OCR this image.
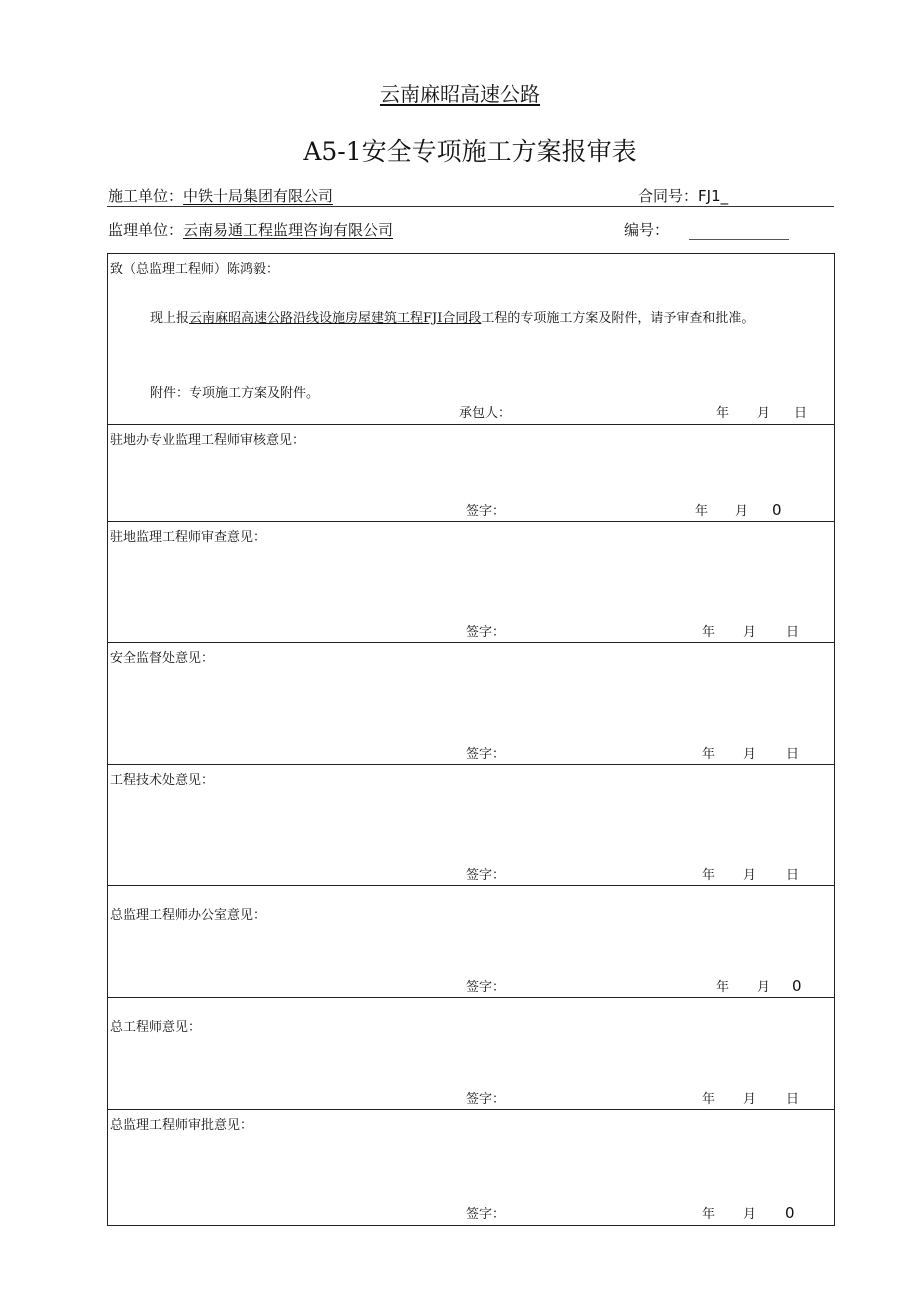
云南麻昭高速公路
A5-1安全专项施工方案报审表
施工单位：中铁十局集团有限公司	合同号：FJ1_
监理单位：云南易通工程监理咨询有限公司	编号：
致（总监理工程师）陈鸿毅：
现上报云南麻昭高速公路沿线设施房屋建筑工程FJI合同段工程的专项施工方案及附件，请予审查和批准。
附件：专项施工方案及附件。
承包人：	年 月 日
驻地办专业监理工程师审核意见：
签字：	年 月 0
驻地监理工程师审查意见：
签字：	年 月 日
安全监督处意见：
签字：	年 月 日
工程技术处意见：
签字：	年 月 日
总监理工程师办公室意见：
签字：	年 月 0
总工程师意见：
签字：	年 月 日
总监理工程师审批意见：
签字：	年 月 0
